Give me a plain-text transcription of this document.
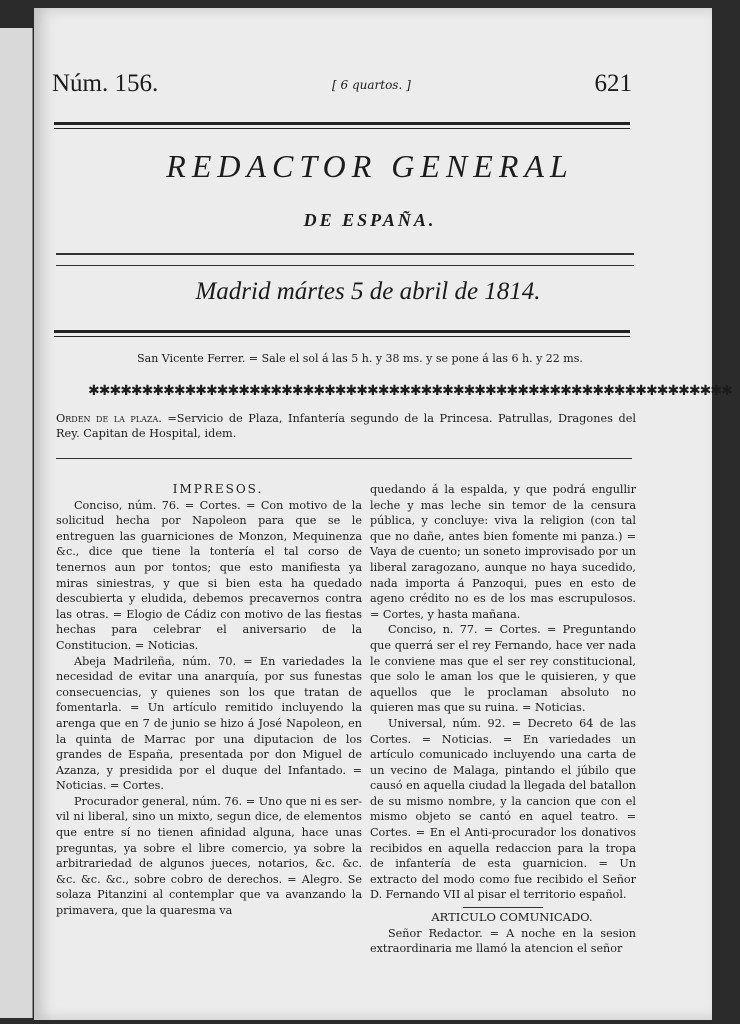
Núm. 156.	[ 6 quartos. ]	621
REDACTOR GENERAL
DE ESPAÑA.
Madrid mártes 5 de abril de 1814.
San Vicente Ferrer. = Sale el sol á las 5 h. y 38 ms. y se pone á las 6 h. y 22 ms.
✱✱✱✱✱✱✱✱✱✱✱✱✱✱✱✱✱✱✱✱✱✱✱✱✱✱✱✱✱✱✱✱✱✱✱✱✱✱✱✱✱✱✱✱✱✱✱✱✱✱✱✱✱✱✱✱✱✱✱✱
Orden de la plaza. =Servicio de Plaza, Infantería segundo de la Princesa. Patrullas, Dragones del Rey. Capitan de Hospital, idem.

IMPRESOS.

Conciso, núm. 76. = Cortes. = Con motivo de la solicitud hecha por Napoleon para que se le entreguen las guarniciones de Monzon, Mequinenza &c., dice que tiene la tontería el tal corso de tenernos aun por tontos; que esto manifiesta ya miras siniestras, y que si bien esta ha quedado descubierta y eludida, debemos precavernos contra las otras. = Elogio de Cádiz con motivo de las fiestas hechas para celebrar el aniversario de la Constitucion. = Noticias.

Abeja Madrileña, núm. 70. = En variedades la necesidad de evitar una anarquía, por sus funestas consecuencias, y quienes son los que tratan de fomentarla. = Un artículo remitido incluyendo la arenga que en 7 de junio se hizo á José Napoleon, en la quinta de Marrac por una diputacion de los grandes de España, presentada por don Miguel de Azanza, y presidida por el duque del Infantado. = Noticias. = Cortes.

Procurador general, núm. 76. = Uno que ni es ser-vil ni liberal, sino un mixto, segun dice, de elementos que entre sí no tienen afinidad alguna, hace unas preguntas, ya sobre el libre comercio, ya sobre la arbitrariedad de algunos jueces, notarios, &c. &c. &c. &c. &c., sobre cobro de derechos. = Alegro. Se solaza Pitanzini al contemplar que va avanzando la primavera, que la quaresma va

quedando á la espalda, y que podrá engullir leche y mas leche sin temor de la censura pública, y concluye: viva la religion (con tal que no dañe, antes bien fomente mi panza.) = Vaya de cuento; un soneto improvisado por un liberal zaragozano, aunque no haya sucedido, nada importa á Panzoqui, pues en esto de ageno crédito no es de los mas escrupulosos. = Cortes, y hasta mañana.

Conciso, n. 77. = Cortes. = Preguntando que querrá ser el rey Fernando, hace ver nada le conviene mas que el ser rey constitucional, que solo le aman los que le quisieren, y que aquellos que le proclaman absoluto no quieren mas que su ruina. = Noticias.

Universal, núm. 92. = Decreto 64 de las Cortes. = Noticias. = En variedades un artículo comunicado incluyendo una carta de un vecino de Malaga, pintando el júbilo que causó en aquella ciudad la llegada del batallon de su mismo nombre, y la cancion que con el mismo objeto se cantó en aquel teatro. = Cortes. = En el Anti-procurador los donativos recibidos en aquella redaccion para la tropa de infantería de esta guarnicion. = Un extracto del modo como fue recibido el Señor D. Fernando VII al pisar el territorio español.

ARTICULO COMUNICADO.

Señor Redactor. = A noche en la sesion extraordinaria me llamó la atencion el señor
